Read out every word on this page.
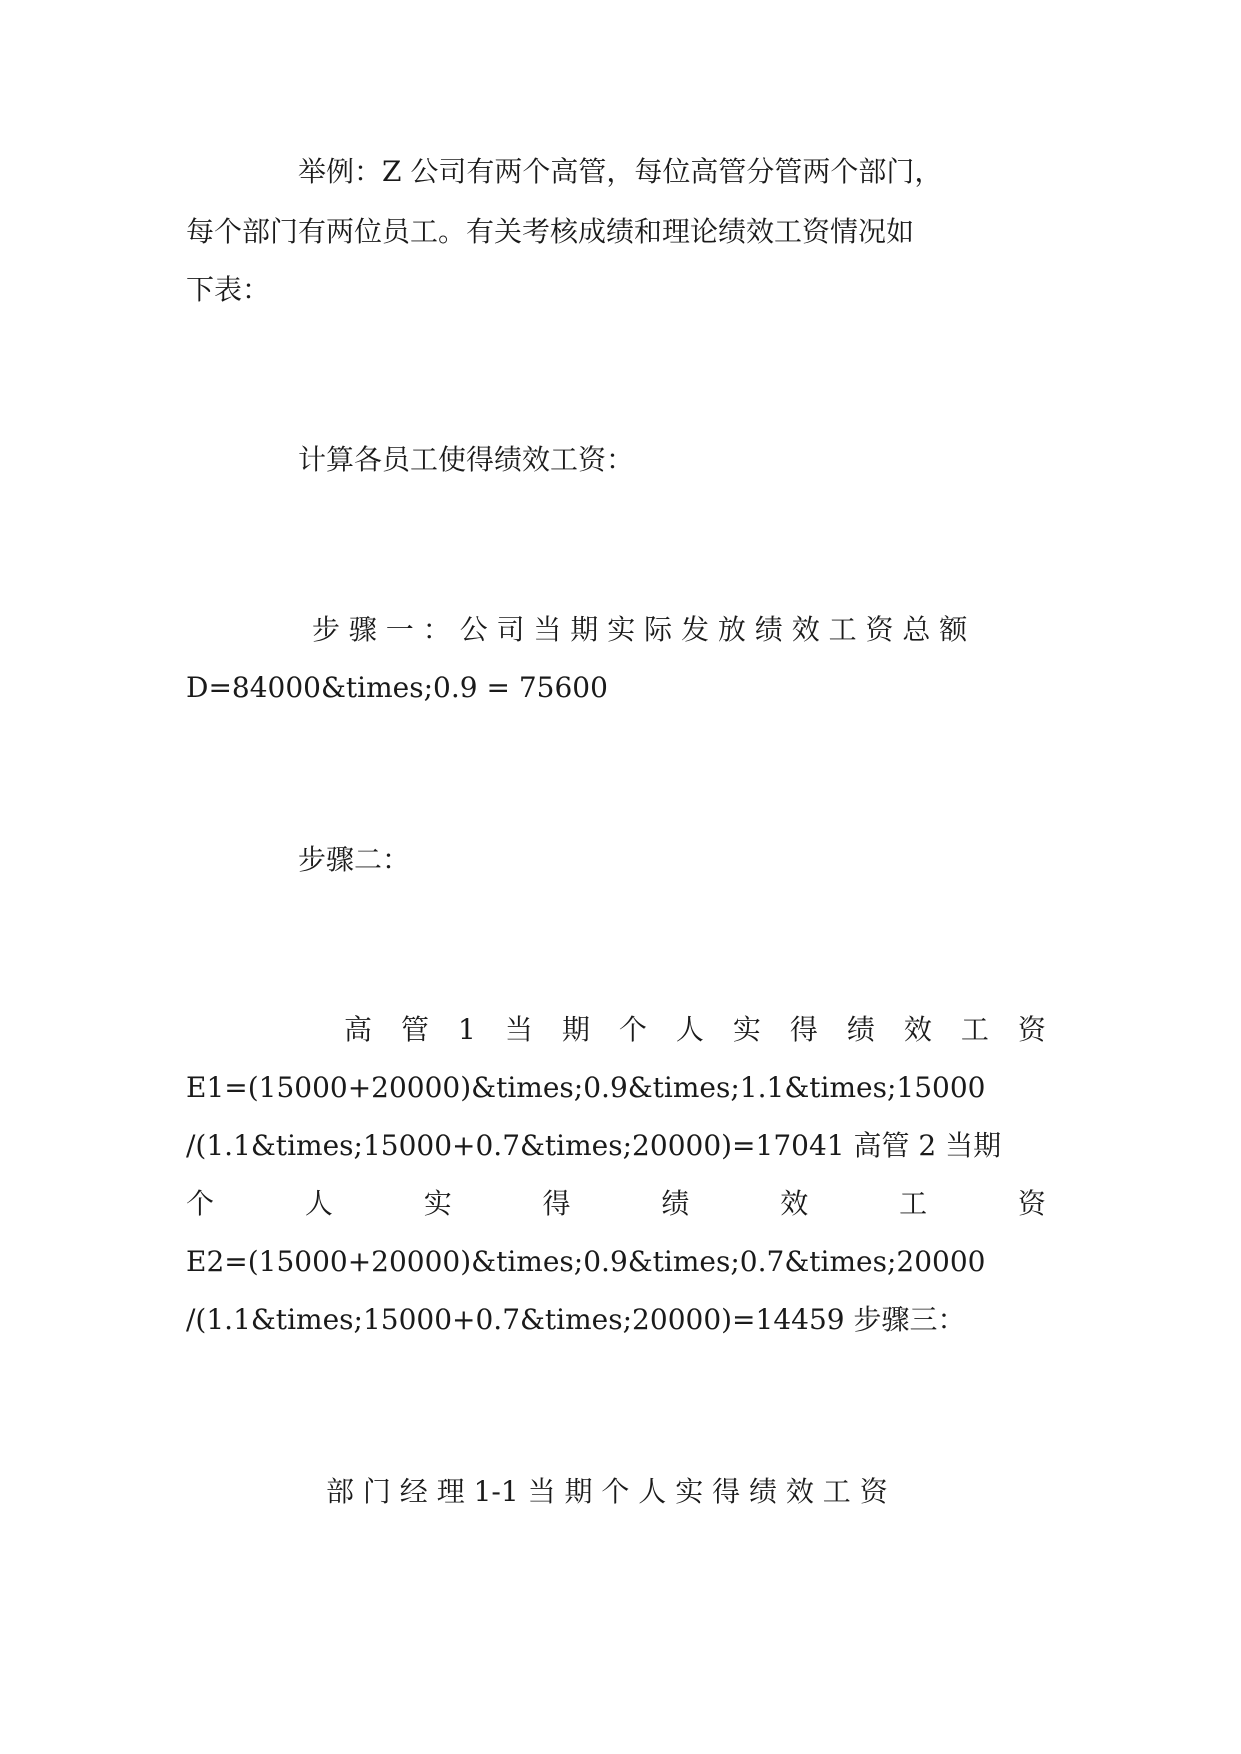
举例：Z 公司有两个高管，每位高管分管两个部门，
每个部门有两位员工。有关考核成绩和理论绩效工资情况如
下表：
计算各员工使得绩效工资：
步 骤 一 ： 公 司 当 期 实 际 发 放 绩 效 工 资 总 额
D=84000&times;0.9 = 75600
步骤二：
高 管 1 当 期 个 人 实 得 绩 效 工 资
E1=(15000+20000)&times;0.9&times;1.1&times;15000
/(1.1&times;15000+0.7&times;20000)=17041 高管 2 当期
个	人	实	得	绩	效	工	资
E2=(15000+20000)&times;0.9&times;0.7&times;20000
/(1.1&times;15000+0.7&times;20000)=14459 步骤三：
部 门 经 理 1-1 当 期 个 人 实 得 绩 效 工 资
